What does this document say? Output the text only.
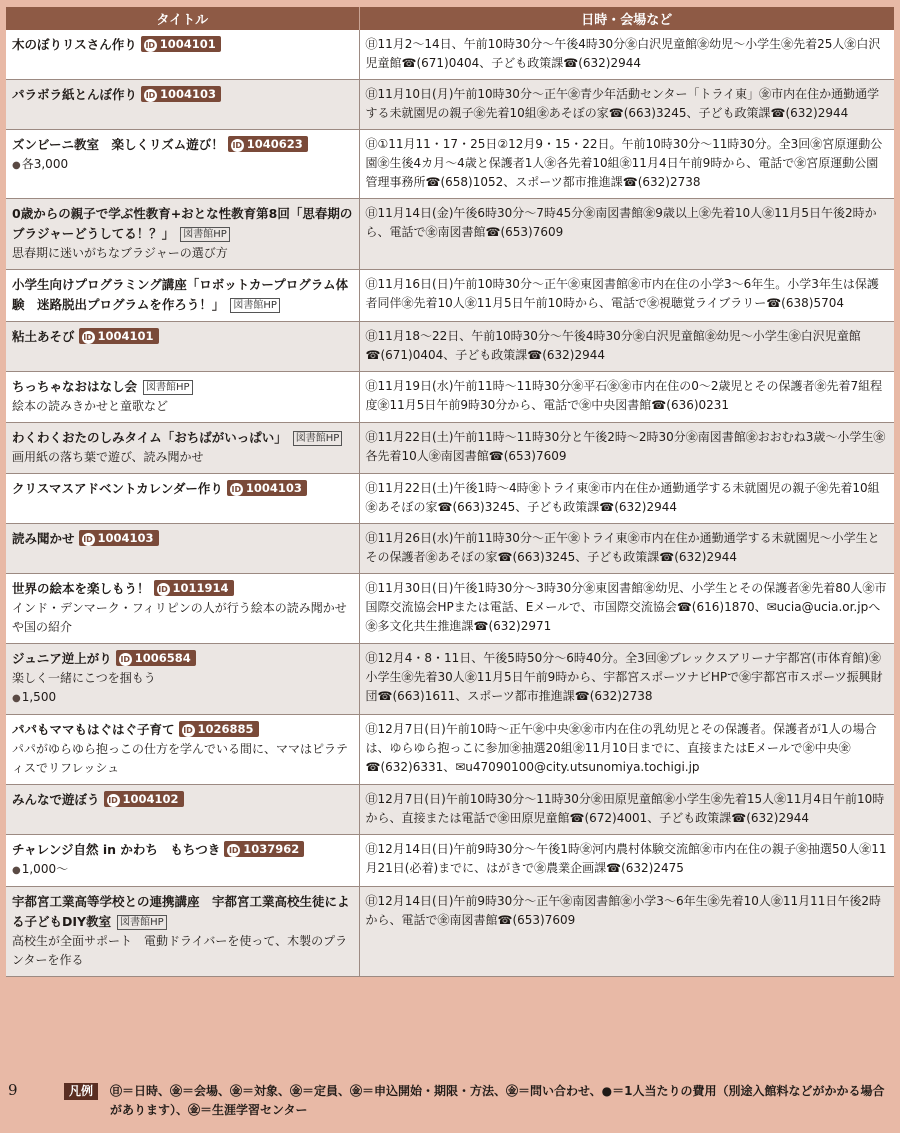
タイトル	日時・会場など
木のぼりリスさん作り ID 1004101	㊐11月2～14日、午前10時30分～午後4時30分㊎白沢児童館㊎幼児～小学生㊎先着25人㊎白沢児童館☎(671)0404、子ども政策課☎(632)2944
パラボラ紙とんぼ作り ID 1004103	㊐11月10日(月)午前10時30分～正午㊎青少年活動センター「トライ東」㊎市内在住か通勤通学する未就園児の親子㊎先着10組㊎あそぼの家☎(663)3245、子ども政策課☎(632)2944
ズンビーニ教室　楽しくリズム遊び！ ID 1040623
● 各3,000	㊐①11月11・17・25日②12月9・15・22日。午前10時30分～11時30分。全3回㊎宮原運動公園㊎生後4カ月～4歳と保護者1人㊎各先着10組㊎11月4日午前9時から、電話で㊎宮原運動公園管理事務所☎(658)1052、スポーツ都市推進課☎(632)2738
0歳からの親子で学ぶ性教育+おとな性教育第8回「思春期のブラジャーどうしてる！？」 図書館HP
思春期に迷いがちなブラジャーの選び方	㊐11月14日(金)午後6時30分～7時45分㊎南図書館㊎9歳以上㊎先着10人㊎11月5日午後2時から、電話で㊎南図書館☎(653)7609
小学生向けプログラミング講座「ロボットカープログラム体験　迷路脱出プログラムを作ろう！」 図書館HP	㊐11月16日(日)午前10時30分～正午㊎東図書館㊎市内在住の小学3～6年生。小学3年生は保護者同伴㊎先着10人㊎11月5日午前10時から、電話で㊎視聴覚ライブラリー☎(638)5704
粘土あそび ID 1004101	㊐11月18～22日、午前10時30分～午後4時30分㊎白沢児童館㊎幼児～小学生㊎白沢児童館☎(671)0404、子ども政策課☎(632)2944
ちっちゃなおはなし会 図書館HP
絵本の読みきかせと童歌など	㊐11月19日(水)午前11時～11時30分㊎平石㊎㊎市内在住の0～2歳児とその保護者㊎先着7組程度㊎11月5日午前9時30分から、電話で㊎中央図書館☎(636)0231
わくわくおたのしみタイム「おちばがいっぱい」 図書館HP
画用紙の落ち葉で遊び、読み聞かせ	㊐11月22日(土)午前11時～11時30分と午後2時～2時30分㊎南図書館㊎おおむね3歳～小学生㊎各先着10人㊎南図書館☎(653)7609
クリスマスアドベントカレンダー作り ID 1004103	㊐11月22日(土)午後1時～4時㊎トライ東㊎市内在住か通勤通学する未就園児の親子㊎先着10組㊎あそぼの家☎(663)3245、子ども政策課☎(632)2944
読み聞かせ ID 1004103	㊐11月26日(水)午前11時30分～正午㊎トライ東㊎市内在住か通勤通学する未就園児～小学生とその保護者㊎あそぼの家☎(663)3245、子ども政策課☎(632)2944
世界の絵本を楽しもう！ ID 1011914
インド・デンマーク・フィリピンの人が行う絵本の読み聞かせや国の紹介	㊐11月30日(日)午後1時30分～3時30分㊎東図書館㊎幼児、小学生とその保護者㊎先着80人㊎市国際交流協会HPまたは電話、Eメールで、市国際交流協会☎(616)1870、✉ucia@ucia.or.jpへ㊎多文化共生推進課☎(632)2971
ジュニア逆上がり ID 1006584
楽しく一緒にこつを掴もう
● 1,500	㊐12月4・8・11日、午後5時50分～6時40分。全3回㊎ブレックスアリーナ宇都宮(市体育館)㊎小学生㊎先着30人㊎11月5日午前9時から、宇都宮スポーツナビHPで㊎宇都宮市スポーツ振興財団☎(663)1611、スポーツ都市推進課☎(632)2738
パパもママもはぐはぐ子育て ID 1026885
パパがゆらゆら抱っこの仕方を学んでいる間に、ママはピラティスでリフレッシュ	㊐12月7日(日)午前10時～正午㊎中央㊎㊎市内在住の乳幼児とその保護者。保護者が1人の場合は、ゆらゆら抱っこに参加㊎抽選20組㊎11月10日までに、直接またはEメールで㊎中央㊎☎(632)6331、✉u47090100@city.utsunomiya.tochigi.jp
みんなで遊ぼう ID 1004102	㊐12月7日(日)午前10時30分～11時30分㊎田原児童館㊎小学生㊎先着15人㊎11月4日午前10時から、直接または電話で㊎田原児童館☎(672)4001、子ども政策課☎(632)2944
チャレンジ自然 in かわち　もちつき ID 1037962
● 1,000～	㊐12月14日(日)午前9時30分～午後1時㊎河内農村体験交流館㊎市内在住の親子㊎抽選50人㊎11月21日(必着)までに、はがきで㊎農業企画課☎(632)2475
宇都宮工業高等学校との連携講座　宇都宮工業高校生徒による子どもDIY教室 図書館HP
高校生が全面サポート　電動ドライバーを使って、木製のプランターを作る	㊐12月14日(日)午前9時30分～正午㊎南図書館㊎小学3～6年生㊎先着10人㊎11月11日午後2時から、電話で㊎南図書館☎(653)7609
9	凡例	㊐＝日時、㊎＝会場、㊎＝対象、㊎＝定員、㊎＝申込開始・期限・方法、㊎＝問い合わせ、●＝1人当たりの費用（別途入館料などがかかる場合があります）、㊎＝生涯学習センター
